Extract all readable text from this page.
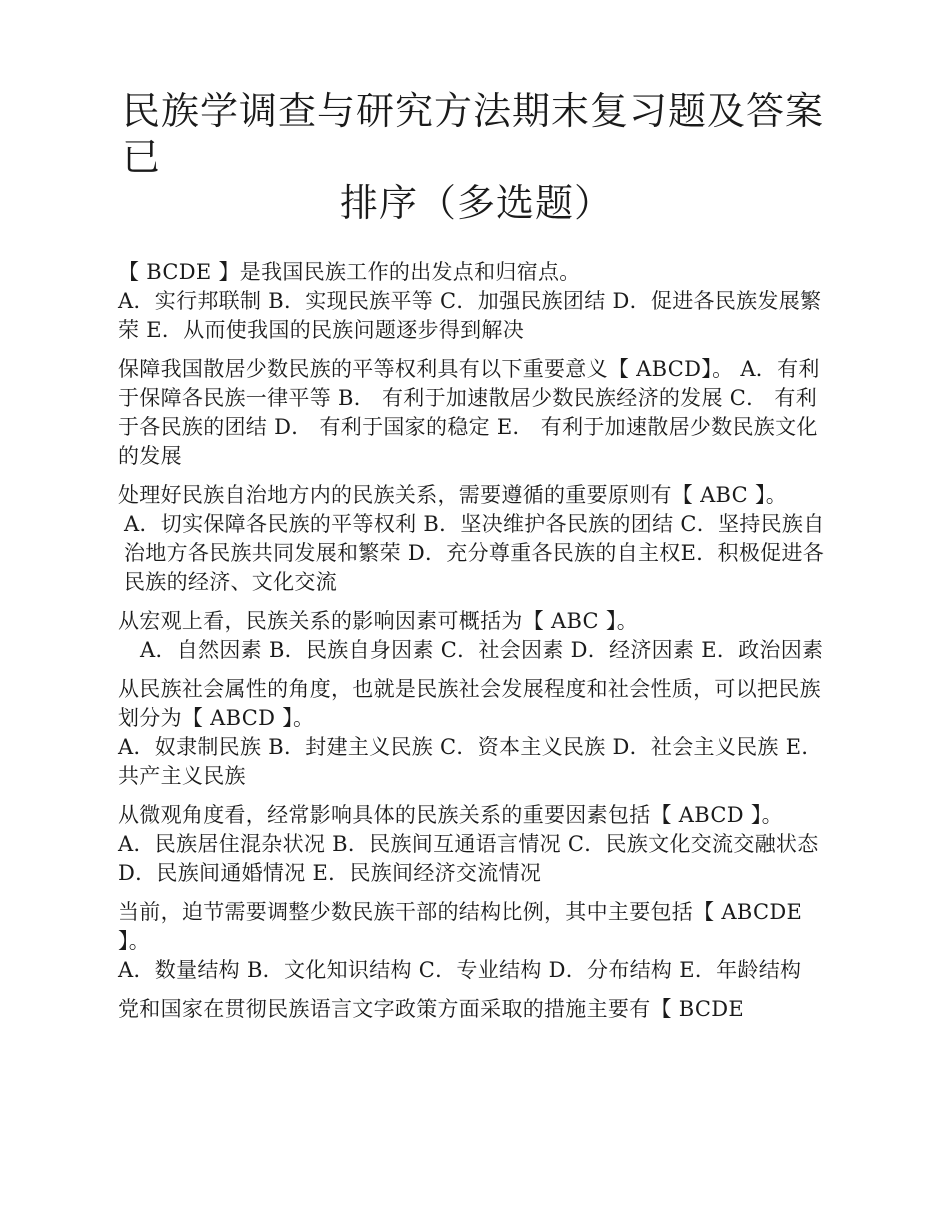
民族学调查与研究方法期末复习题及答案已
排序（多选题）

【 BCDE 】是我国民族工作的出发点和归宿点。

A．实行邦联制 B．实现民族平等 C．加强民族团结 D．促进各民族发展繁荣 E．从而使我国的民族问题逐步得到解决

保障我国散居少数民族的平等权利具有以下重要意义【 ABCD】。 A．有利于保障各民族一律平等 B． 有利于加速散居少数民族经济的发展 C． 有利于各民族的团结 D． 有利于国家的稳定 E． 有利于加速散居少数民族文化的发展

处理好民族自治地方内的民族关系，需要遵循的重要原则有【 ABC 】。

A．切实保障各民族的平等权利 B．坚决维护各民族的团结 C．坚持民族自治地方各民族共同发展和繁荣 D．充分尊重各民族的自主权E．积极促进各民族的经济、文化交流

从宏观上看，民族关系的影响因素可概括为【 ABC 】。

A．自然因素 B．民族自身因素 C．社会因素 D．经济因素 E．政治因素

从民族社会属性的角度，也就是民族社会发展程度和社会性质，可以把民族划分为【 ABCD 】。

A．奴隶制民族 B．封建主义民族 C．资本主义民族 D．社会主义民族 E．共产主义民族

从微观角度看，经常影响具体的民族关系的重要因素包括【 ABCD 】。

A．民族居住混杂状况 B．民族间互通语言情况 C．民族文化交流交融状态 D．民族间通婚情况 E．民族间经济交流情况

当前，迫节需要调整少数民族干部的结构比例，其中主要包括【 ABCDE 】。

A．数量结构 B．文化知识结构 C．专业结构 D．分布结构 E．年龄结构

党和国家在贯彻民族语言文字政策方面采取的措施主要有【 BCDE
